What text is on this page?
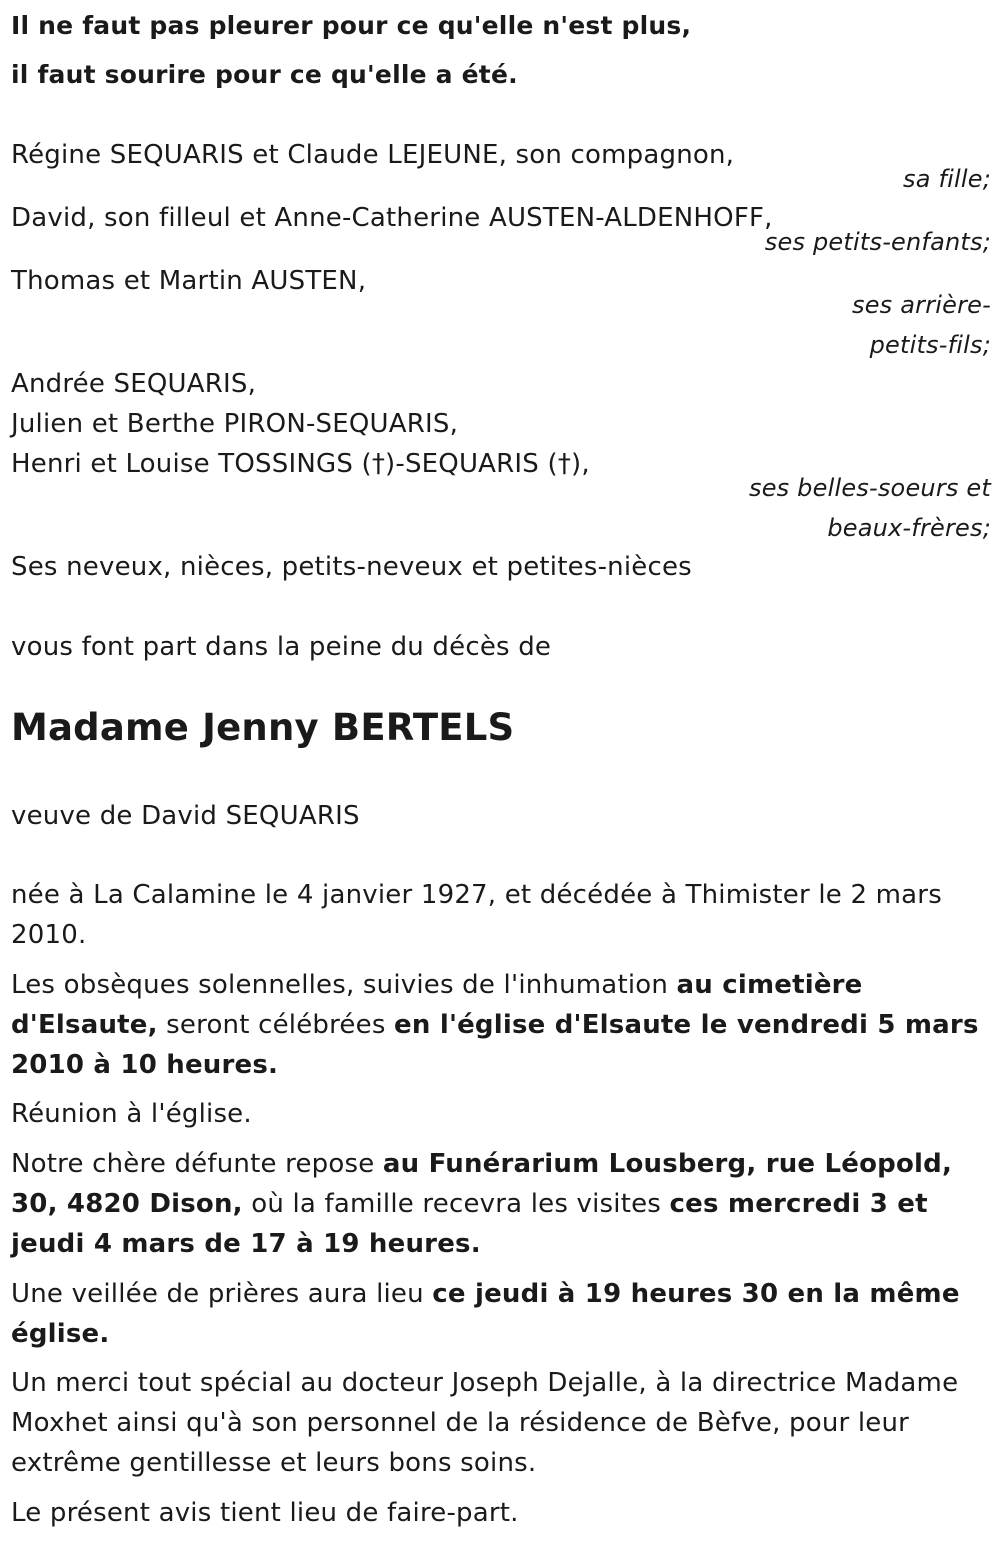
Il ne faut pas pleurer pour ce qu'elle n'est plus,
il faut sourire pour ce qu'elle a été.
Régine SEQUARIS et Claude LEJEUNE, son compagnon,
sa fille;
David, son filleul et Anne-Catherine AUSTEN-ALDENHOFF,
ses petits-enfants;
Thomas et Martin AUSTEN,
ses arrière-
petits-fils;
Andrée SEQUARIS,
Julien et Berthe PIRON-SEQUARIS,
Henri et Louise TOSSINGS (†)-SEQUARIS (†),
ses belles-soeurs et
beaux-frères;
Ses neveux, nièces, petits-neveux et petites-nièces
vous font part dans la peine du décès de
Madame Jenny BERTELS
veuve de David SEQUARIS
née à La Calamine le 4 janvier 1927, et décédée à Thimister le 2 mars 2010.
Les obsèques solennelles, suivies de l'inhumation au cimetière d'Elsaute, seront célébrées en l'église d'Elsaute le vendredi 5 mars 2010 à 10 heures.
Réunion à l'église.
Notre chère défunte repose au Funérarium Lousberg, rue Léopold, 30, 4820 Dison, où la famille recevra les visites ces mercredi 3 et jeudi 4 mars de 17 à 19 heures.
Une veillée de prières aura lieu ce jeudi à 19 heures 30 en la même église.
Un merci tout spécial au docteur Joseph Dejalle, à la directrice Madame Moxhet ainsi qu'à son personnel de la résidence de Bèfve, pour leur extrême gentillesse et leurs bons soins.
Le présent avis tient lieu de faire-part.
